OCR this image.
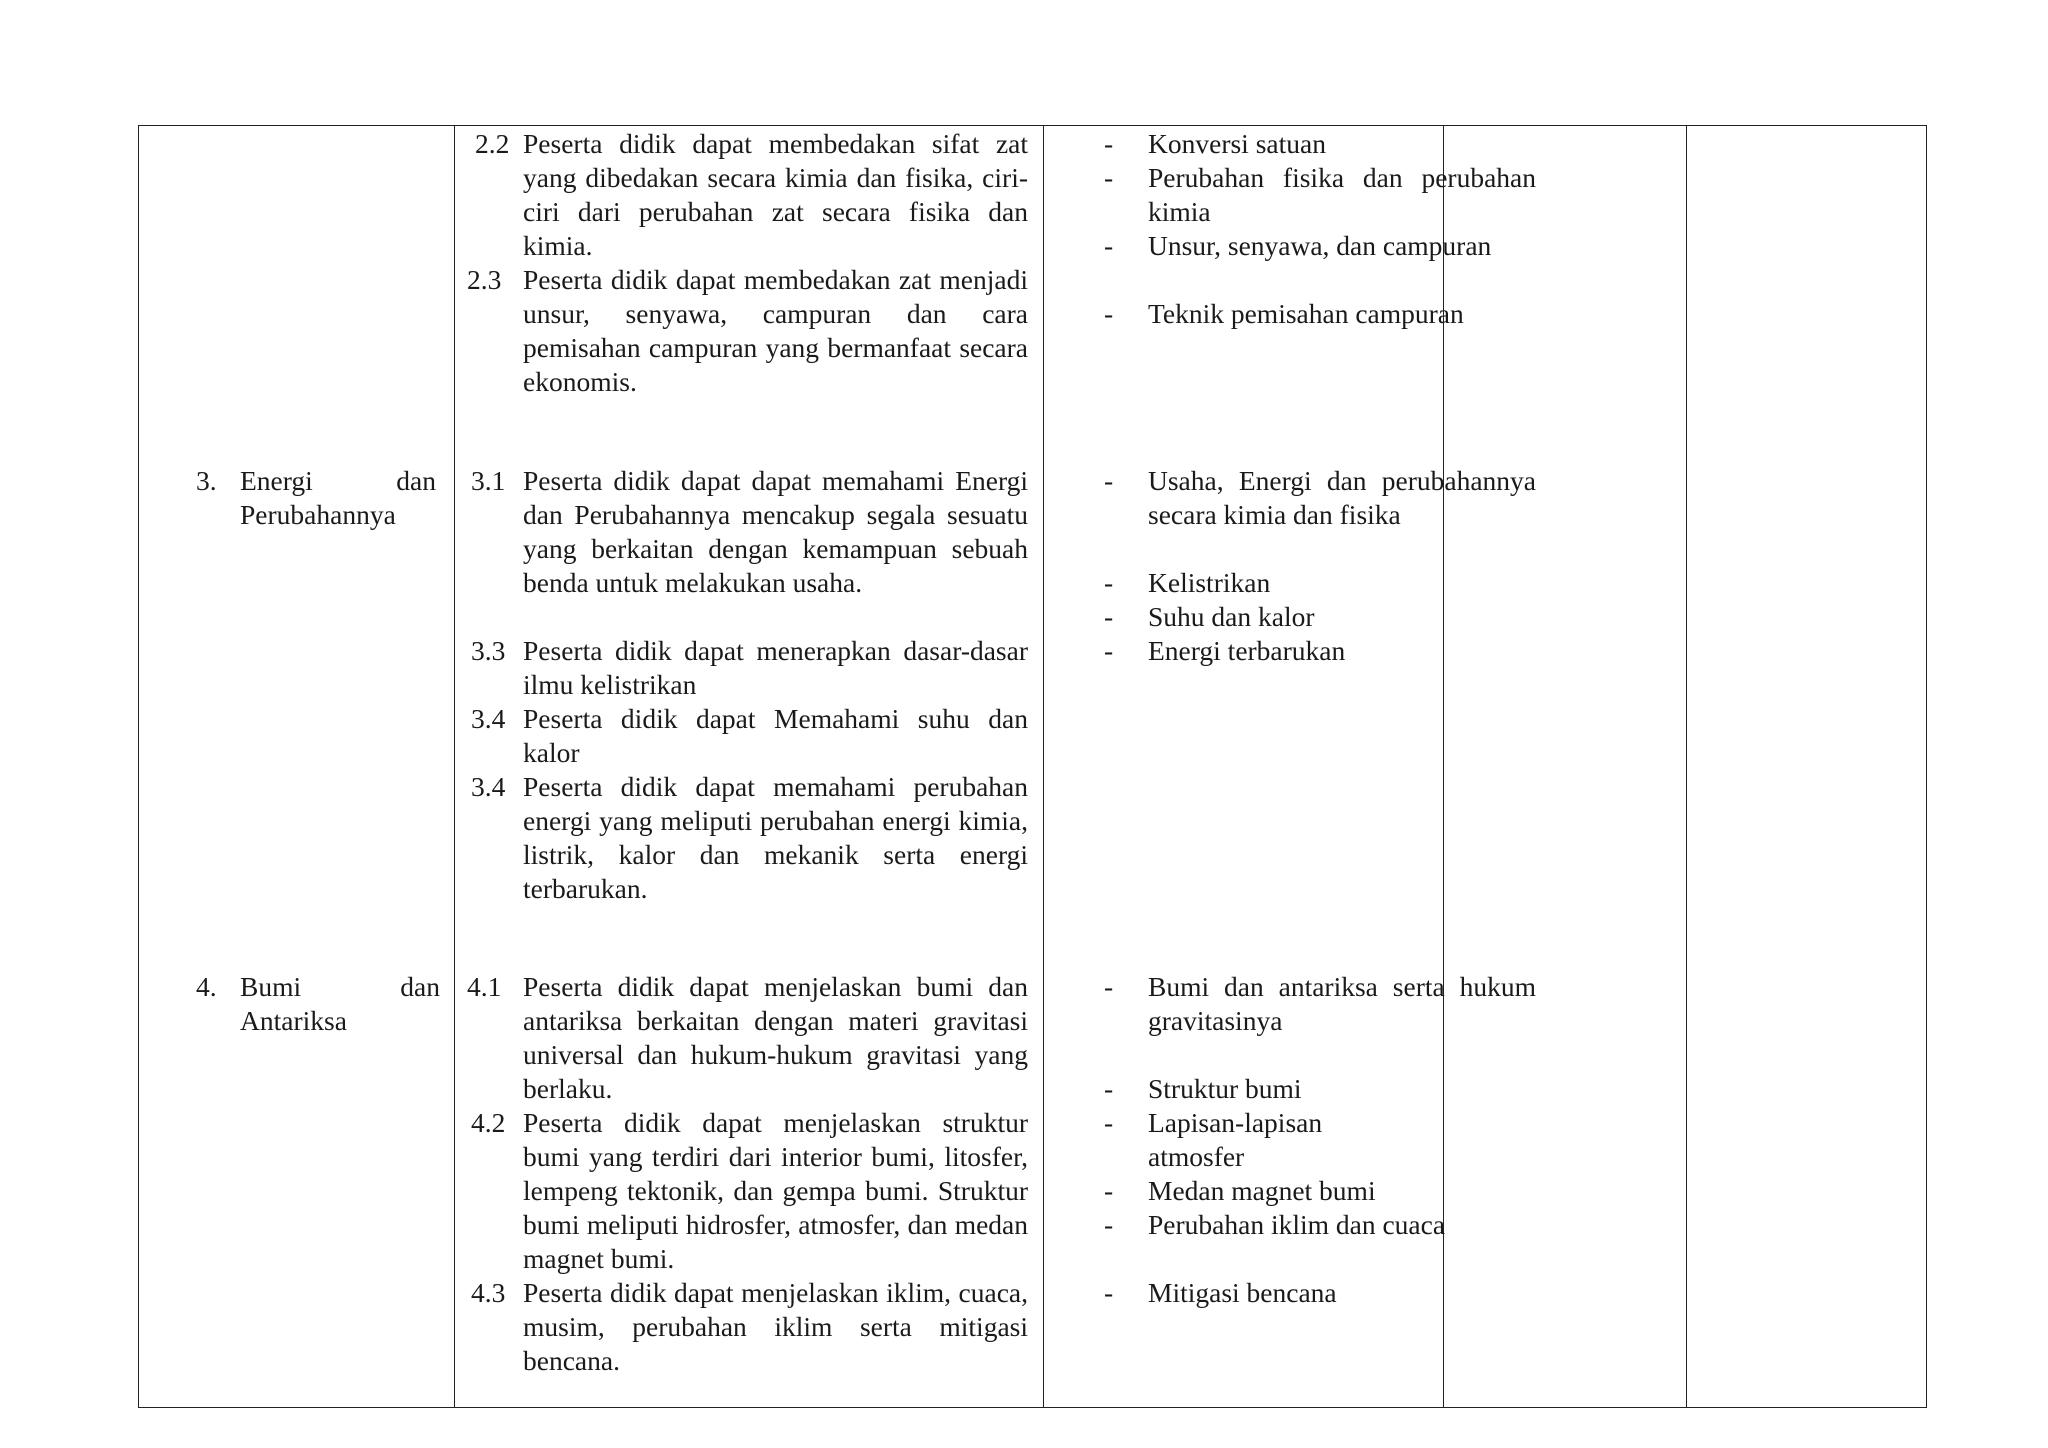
3. Energi dan Perubahannya
4. Bumi dan Antariksa
2.2 Peserta didik dapat membedakan sifat zat yang dibedakan secara kimia dan fisika, ciri-ciri dari perubahan zat secara fisika dan kimia.
2.3 Peserta didik dapat membedakan zat menjadi unsur, senyawa, campuran dan cara pemisahan campuran yang bermanfaat secara ekonomis.
3.1 Peserta didik dapat dapat memahami Energi dan Perubahannya mencakup segala sesuatu yang berkaitan dengan kemampuan sebuah benda untuk melakukan usaha.
3.3 Peserta didik dapat menerapkan dasar-dasar ilmu kelistrikan
3.4 Peserta didik dapat Memahami suhu dan kalor
3.4 Peserta didik dapat memahami perubahan energi yang meliputi perubahan energi kimia, listrik, kalor dan mekanik serta energi terbarukan.
4.1 Peserta didik dapat menjelaskan bumi dan antariksa berkaitan dengan materi gravitasi universal dan hukum-hukum gravitasi yang berlaku.
4.2 Peserta didik dapat menjelaskan struktur bumi yang terdiri dari interior bumi, litosfer, lempeng tektonik, dan gempa bumi. Struktur bumi meliputi hidrosfer, atmosfer, dan medan magnet bumi.
4.3 Peserta didik dapat menjelaskan iklim, cuaca, musim, perubahan iklim serta mitigasi bencana.
- Konversi satuan
- Perubahan fisika dan perubahan kimia
- Unsur, senyawa, dan campuran
- Teknik pemisahan campuran
- Usaha, Energi dan perubahannya secara kimia dan fisika
- Kelistrikan
- Suhu dan kalor
- Energi terbarukan
- Bumi dan antariksa serta hukum gravitasinya
- Struktur bumi
- Lapisan-lapisan atmosfer
- Medan magnet bumi
- Perubahan iklim dan cuaca
- Mitigasi bencana
